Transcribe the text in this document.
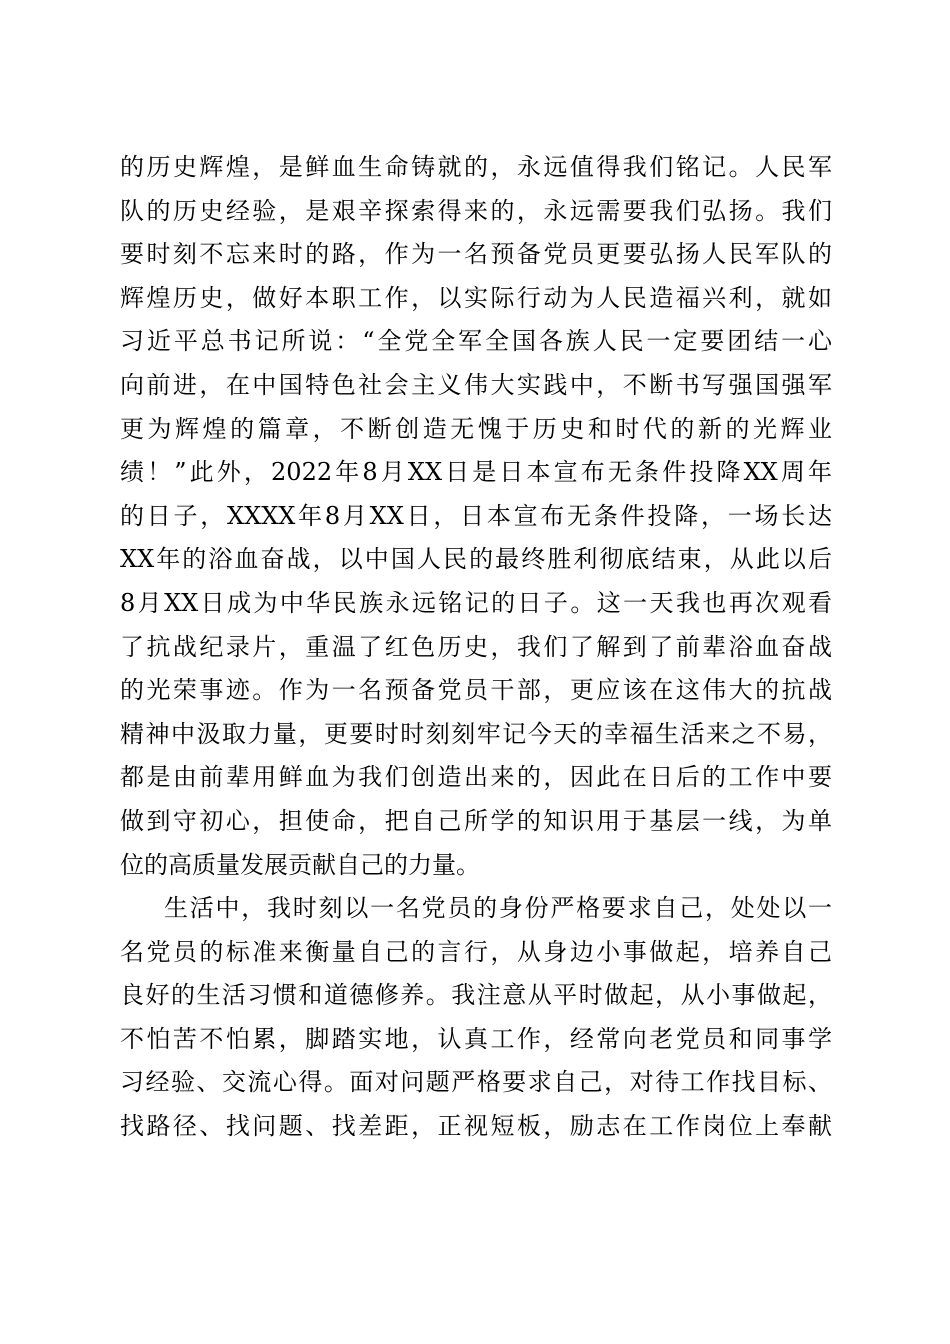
的历史辉煌，是鲜血生命铸就的，永远值得我们铭记。人民军
队的历史经验，是艰辛探索得来的，永远需要我们弘扬。我们
要时刻不忘来时的路，作为一名预备党员更要弘扬人民军队的
辉煌历史，做好本职工作，以实际行动为人民造福兴利，就如
习近平总书记所说：“全党全军全国各族人民一定要团结一心
向前进，在中国特色社会主义伟大实践中，不断书写强国强军
更为辉煌的篇章，不断创造无愧于历史和时代的新的光辉业
绩！”此外，2022年8月XX日是日本宣布无条件投降XX周年
的日子，XXXX年8月XX日，日本宣布无条件投降，一场长达
XX年的浴血奋战，以中国人民的最终胜利彻底结束，从此以后
8月XX日成为中华民族永远铭记的日子。这一天我也再次观看
了抗战纪录片，重温了红色历史，我们了解到了前辈浴血奋战
的光荣事迹。作为一名预备党员干部，更应该在这伟大的抗战
精神中汲取力量，更要时时刻刻牢记今天的幸福生活来之不易，
都是由前辈用鲜血为我们创造出来的，因此在日后的工作中要
做到守初心，担使命，把自己所学的知识用于基层一线，为单
位的高质量发展贡献自己的力量。
生活中，我时刻以一名党员的身份严格要求自己，处处以一
名党员的标准来衡量自己的言行，从身边小事做起，培养自己
良好的生活习惯和道德修养。我注意从平时做起，从小事做起，
不怕苦不怕累，脚踏实地，认真工作，经常向老党员和同事学
习经验、交流心得。面对问题严格要求自己，对待工作找目标、
找路径、找问题、找差距，正视短板，励志在工作岗位上奉献
